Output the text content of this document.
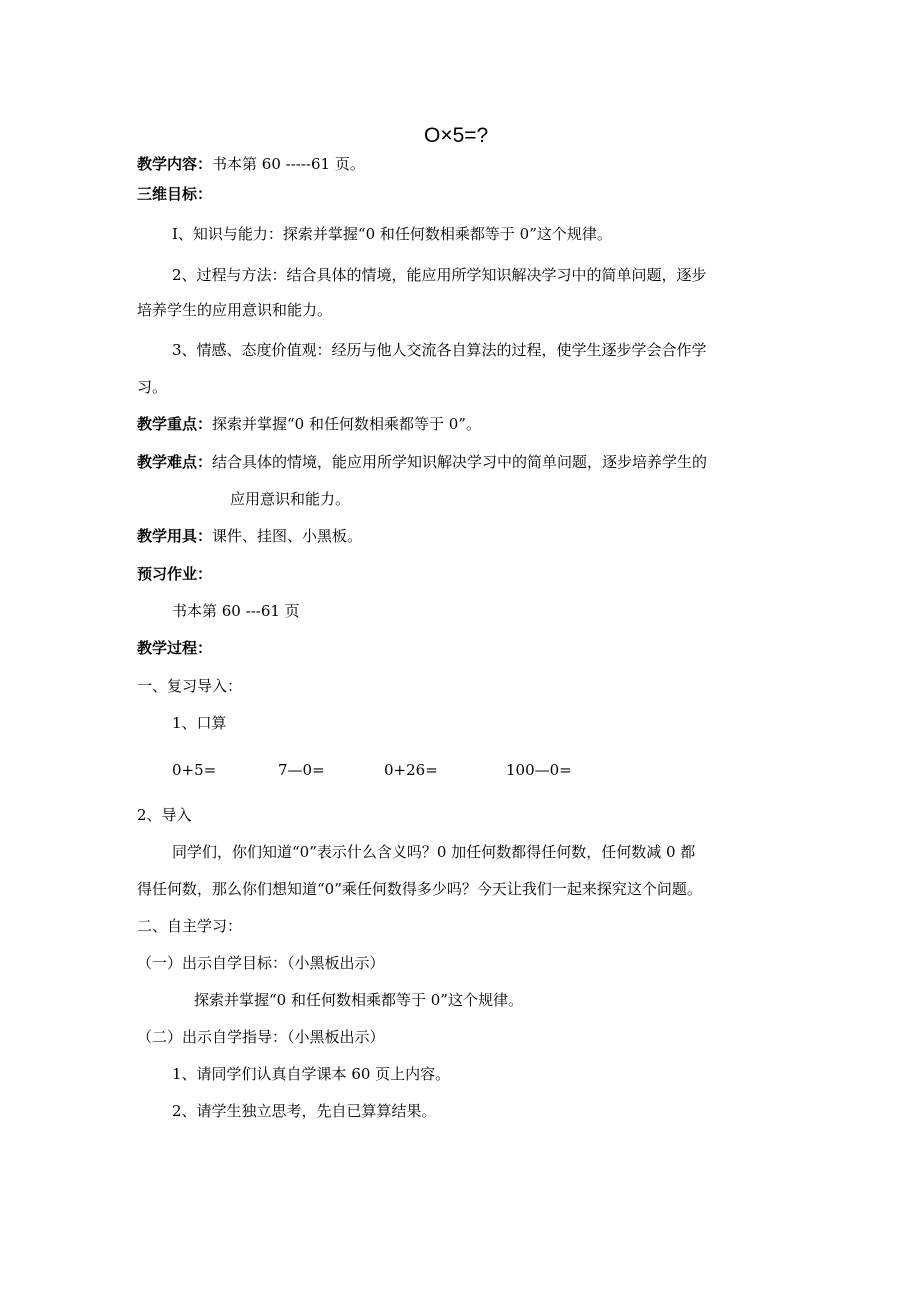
O×5=?
教学内容：书本第 60 -----61 页。
三维目标：
I、知识与能力：探索并掌握“0 和任何数相乘都等于 0”这个规律。
2、过程与方法：结合具体的情境，能应用所学知识解决学习中的简单问题，逐步
培养学生的应用意识和能力。
3、情感、态度价值观：经历与他人交流各自算法的过程，使学生逐步学会合作学
习。
教学重点：探索并掌握“0 和任何数相乘都等于 0”。
教学难点：结合具体的情境，能应用所学知识解决学习中的简单问题，逐步培养学生的
应用意识和能力。
教学用具：课件、挂图、小黑板。
预习作业：
书本第 60 ---61 页
教学过程：
一、复习导入：
1、口算
0+5=	7—0=	0+26=	100—0=
2、导入
同学们，你们知道“0”表示什么含义吗？0 加任何数都得任何数，任何数减 0 都
得任何数，那么你们想知道“0”乘任何数得多少吗？今天让我们一起来探究这个问题。
二、自主学习：
（一）出示自学目标：（小黑板出示）
探索并掌握“0 和任何数相乘都等于 0”这个规律。
（二）出示自学指导：（小黑板出示）
1、请同学们认真自学课本 60 页上内容。
2、请学生独立思考，先自已算算结果。
